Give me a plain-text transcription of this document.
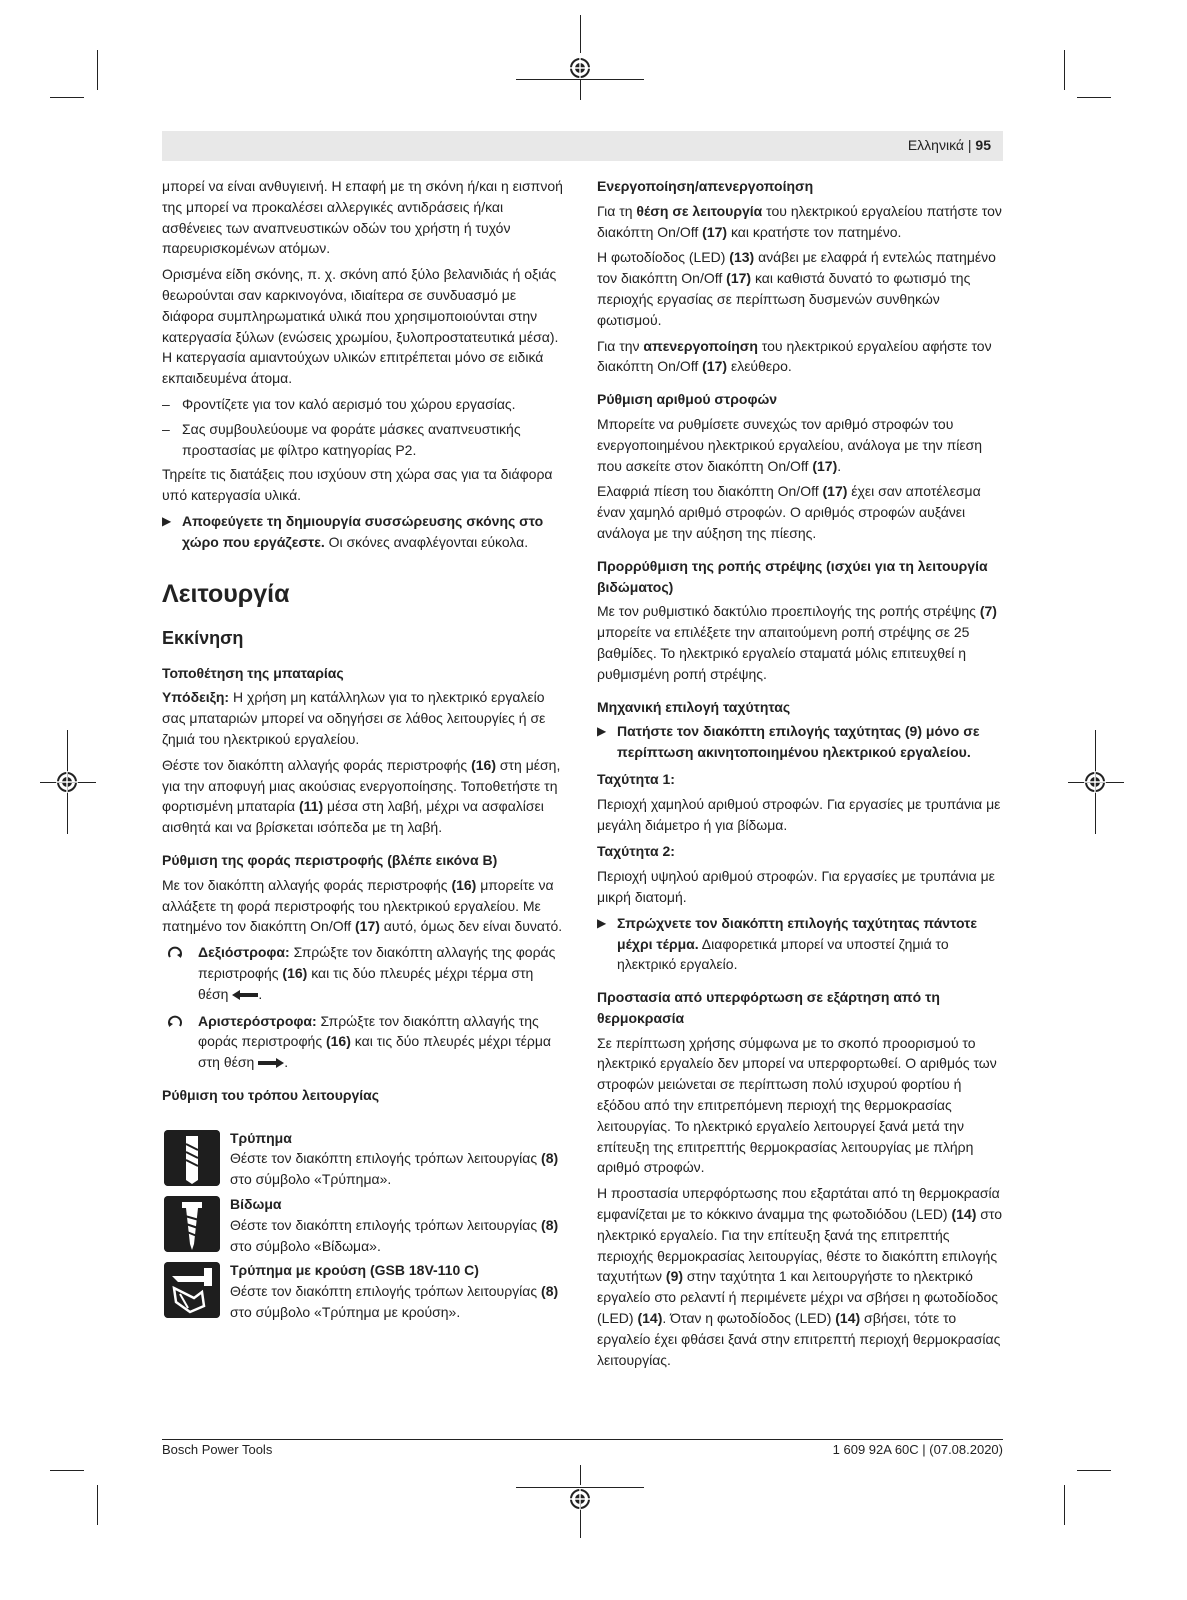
Ελληνικά | 95

μπορεί να είναι ανθυγιεινή. Η επαφή με τη σκόνη ή/και η εισπνοή της μπορεί να προκαλέσει αλλεργικές αντιδράσεις ή/και ασθένειες των αναπνευστικών οδών του χρήστη ή τυχόν παρευρισκομένων ατόμων.

Ορισμένα είδη σκόνης, π. χ. σκόνη από ξύλο βελανιδιάς ή οξιάς θεωρούνται σαν καρκινογόνα, ιδιαίτερα σε συνδυασμό με διάφορα συμπληρωματικά υλικά που χρησιμοποιούνται στην κατεργασία ξύλων (ενώσεις χρωμίου, ξυλοπροστατευτικά μέσα). Η κατεργασία αμιαντούχων υλικών επιτρέπεται μόνο σε ειδικά εκπαιδευμένα άτομα.

– Φροντίζετε για τον καλό αερισμό του χώρου εργασίας.
– Σας συμβουλεύουμε να φοράτε μάσκες αναπνευστικής προστασίας με φίλτρο κατηγορίας P2.

Τηρείτε τις διατάξεις που ισχύουν στη χώρα σας για τα διάφορα υπό κατεργασία υλικά.

▶ Αποφεύγετε τη δημιουργία συσσώρευσης σκόνης στο χώρο που εργάζεστε. Οι σκόνες αναφλέγονται εύκολα.
Λειτουργία
Εκκίνηση
Τοποθέτηση της μπαταρίας

Υπόδειξη: Η χρήση μη κατάλληλων για το ηλεκτρικό εργαλείο σας μπαταριών μπορεί να οδηγήσει σε λάθος λειτουργίες ή σε ζημιά του ηλεκτρικού εργαλείου.

Θέστε τον διακόπτη αλλαγής φοράς περιστροφής (16) στη μέση, για την αποφυγή μιας ακούσιας ενεργοποίησης. Τοποθετήστε τη φορτισμένη μπαταρία (11) μέσα στη λαβή, μέχρι να ασφαλίσει αισθητά και να βρίσκεται ισόπεδα με τη λαβή.

Ρύθμιση της φοράς περιστροφής (βλέπε εικόνα B)

Με τον διακόπτη αλλαγής φοράς περιστροφής (16) μπορείτε να αλλάξετε τη φορά περιστροφής του ηλεκτρικού εργαλείου. Με πατημένο τον διακόπτη On/Off (17) αυτό, όμως δεν είναι δυνατό.

Δεξιόστροφα: Σπρώξτε τον διακόπτη αλλαγής της φοράς περιστροφής (16) και τις δύο πλευρές μέχρι τέρμα στη θέση .
Αριστερόστροφα: Σπρώξτε τον διακόπτη αλλαγής της φοράς περιστροφής (16) και τις δύο πλευρές μέχρι τέρμα στη θέση .
Ρύθμιση του τρόπου λειτουργίας
Τρύπημα
Θέστε τον διακόπτη επιλογής τρόπων λειτουργίας (8) στο σύμβολο «Τρύπημα».
Βίδωμα
Θέστε τον διακόπτη επιλογής τρόπων λειτουργίας (8) στο σύμβολο «Βίδωμα».
Τρύπημα με κρούση (GSB 18V-110 C)
Θέστε τον διακόπτη επιλογής τρόπων λειτουργίας (8) στο σύμβολο «Τρύπημα με κρούση».
Ενεργοποίηση/απενεργοποίηση

Για τη θέση σε λειτουργία του ηλεκτρικού εργαλείου πατήστε τον διακόπτη On/Off (17) και κρατήστε τον πατημένο.

Η φωτοδίοδος (LED) (13) ανάβει με ελαφρά ή εντελώς πατημένο τον διακόπτη On/Off (17) και καθιστά δυνατό το φωτισμό της περιοχής εργασίας σε περίπτωση δυσμενών συνθηκών φωτισμού.

Για την απενεργοποίηση του ηλεκτρικού εργαλείου αφήστε τον διακόπτη On/Off (17) ελεύθερο.

Ρύθμιση αριθμού στροφών

Μπορείτε να ρυθμίσετε συνεχώς τον αριθμό στροφών του ενεργοποιημένου ηλεκτρικού εργαλείου, ανάλογα με την πίεση που ασκείτε στον διακόπτη On/Off (17).

Ελαφριά πίεση του διακόπτη On/Off (17) έχει σαν αποτέλεσμα έναν χαμηλό αριθμό στροφών. Ο αριθμός στροφών αυξάνει ανάλογα με την αύξηση της πίεσης.

Προρρύθμιση της ροπής στρέψης (ισχύει για τη λειτουργία βιδώματος)

Με τον ρυθμιστικό δακτύλιο προεπιλογής της ροπής στρέψης (7) μπορείτε να επιλέξετε την απαιτούμενη ροπή στρέψης σε 25 βαθμίδες. Το ηλεκτρικό εργαλείο σταματά μόλις επιτευχθεί η ρυθμισμένη ροπή στρέψης.

Μηχανική επιλογή ταχύτητας
▶ Πατήστε τον διακόπτη επιλογής ταχύτητας (9) μόνο σε περίπτωση ακινητοποιημένου ηλεκτρικού εργαλείου.
Ταχύτητα 1:

Περιοχή χαμηλού αριθμού στροφών. Για εργασίες με τρυπάνια με μεγάλη διάμετρο ή για βίδωμα.

Ταχύτητα 2:

Περιοχή υψηλού αριθμού στροφών. Για εργασίες με τρυπάνια με μικρή διατομή.

▶ Σπρώχνετε τον διακόπτη επιλογής ταχύτητας πάντοτε μέχρι τέρμα. Διαφορετικά μπορεί να υποστεί ζημιά το ηλεκτρικό εργαλείο.
Προστασία από υπερφόρτωση σε εξάρτηση από τη θερμοκρασία

Σε περίπτωση χρήσης σύμφωνα με το σκοπό προορισμού το ηλεκτρικό εργαλείο δεν μπορεί να υπερφορτωθεί. Ο αριθμός των στροφών μειώνεται σε περίπτωση πολύ ισχυρού φορτίου ή εξόδου από την επιτρεπόμενη περιοχή της θερμοκρασίας λειτουργίας. Το ηλεκτρικό εργαλείο λειτουργεί ξανά μετά την επίτευξη της επιτρεπτής θερμοκρασίας λειτουργίας με πλήρη αριθμό στροφών.

Η προστασία υπερφόρτωσης που εξαρτάται από τη θερμοκρασία εμφανίζεται με το κόκκινο άναμμα της φωτοδιόδου (LED) (14) στο ηλεκτρικό εργαλείο. Για την επίτευξη ξανά της επιτρεπτής περιοχής θερμοκρασίας λειτουργίας, θέστε το διακόπτη επιλογής ταχυτήτων (9) στην ταχύτητα 1 και λειτουργήστε το ηλεκτρικό εργαλείο στο ρελαντί ή περιμένετε μέχρι να σβήσει η φωτοδίοδος (LED) (14). Όταν η φωτοδίοδος (LED) (14) σβήσει, τότε το εργαλείο έχει φθάσει ξανά στην επιτρεπτή περιοχή θερμοκρασίας λειτουργίας.

Bosch Power Tools	1 609 92A 60C | (07.08.2020)
